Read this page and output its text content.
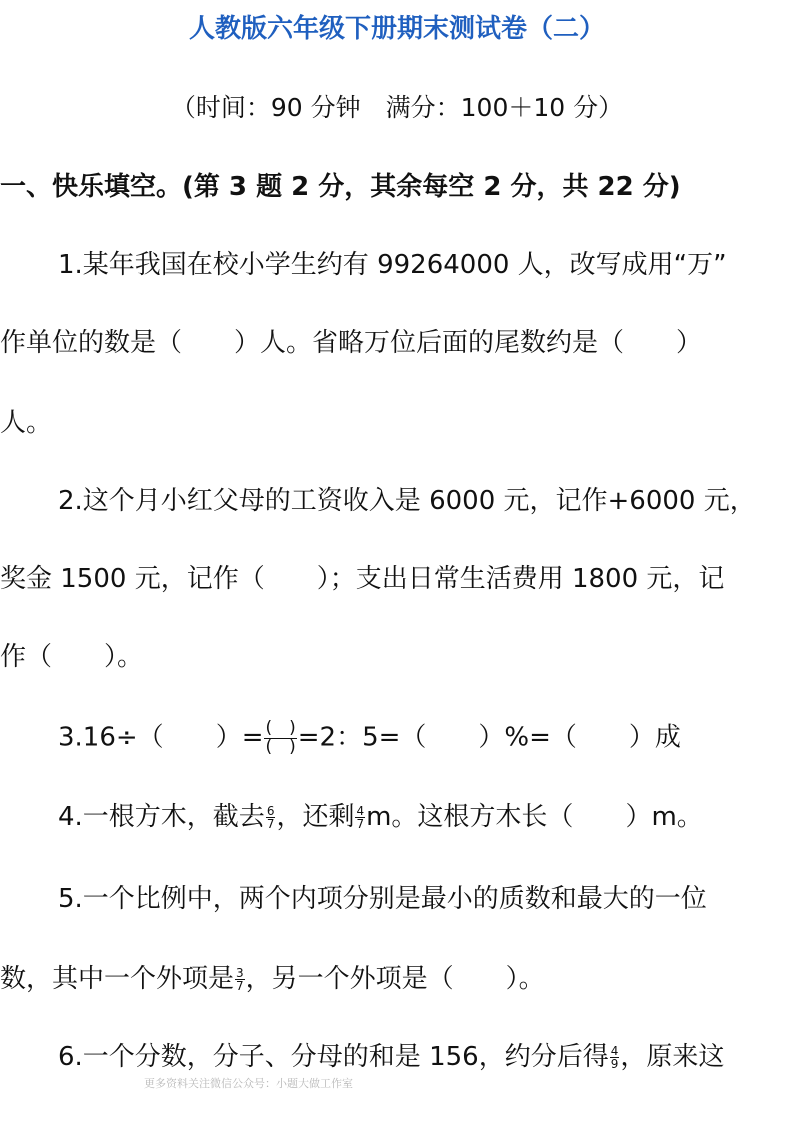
人教版六年级下册期末测试卷（二）
（时间：90 分钟　满分：100＋10 分）
一、快乐填空。(第 3 题 2 分，其余每空 2 分，共 22 分)
1.某年我国在校小学生约有 99264000 人，改写成用“万”
作单位的数是（ ）人。省略万位后面的尾数约是（ ）
人。
2.这个月小红父母的工资收入是 6000 元，记作+6000 元，
奖金 1500 元，记作（ ）；支出日常生活费用 1800 元，记
作（ ）。
3.16÷（ ）= $\frac{( )}{( )} =2$：5=（ ）%=（ ）成
4.一根方木，截去 $\frac{6}{7}$ ，还剩 $\frac{4}{7}$ m。这根方木长（ ）m。
5.一个比例中，两个内项分别是最小的质数和最大的一位
数，其中一个外项是 $\frac{3}{7}$ ，另一个外项是（ ）。
6.一个分数，分子、分母的和是 156，约分后得 $\frac{4}{9}$ ，原来这
更多资料关注微信公众号：小题大做工作室
